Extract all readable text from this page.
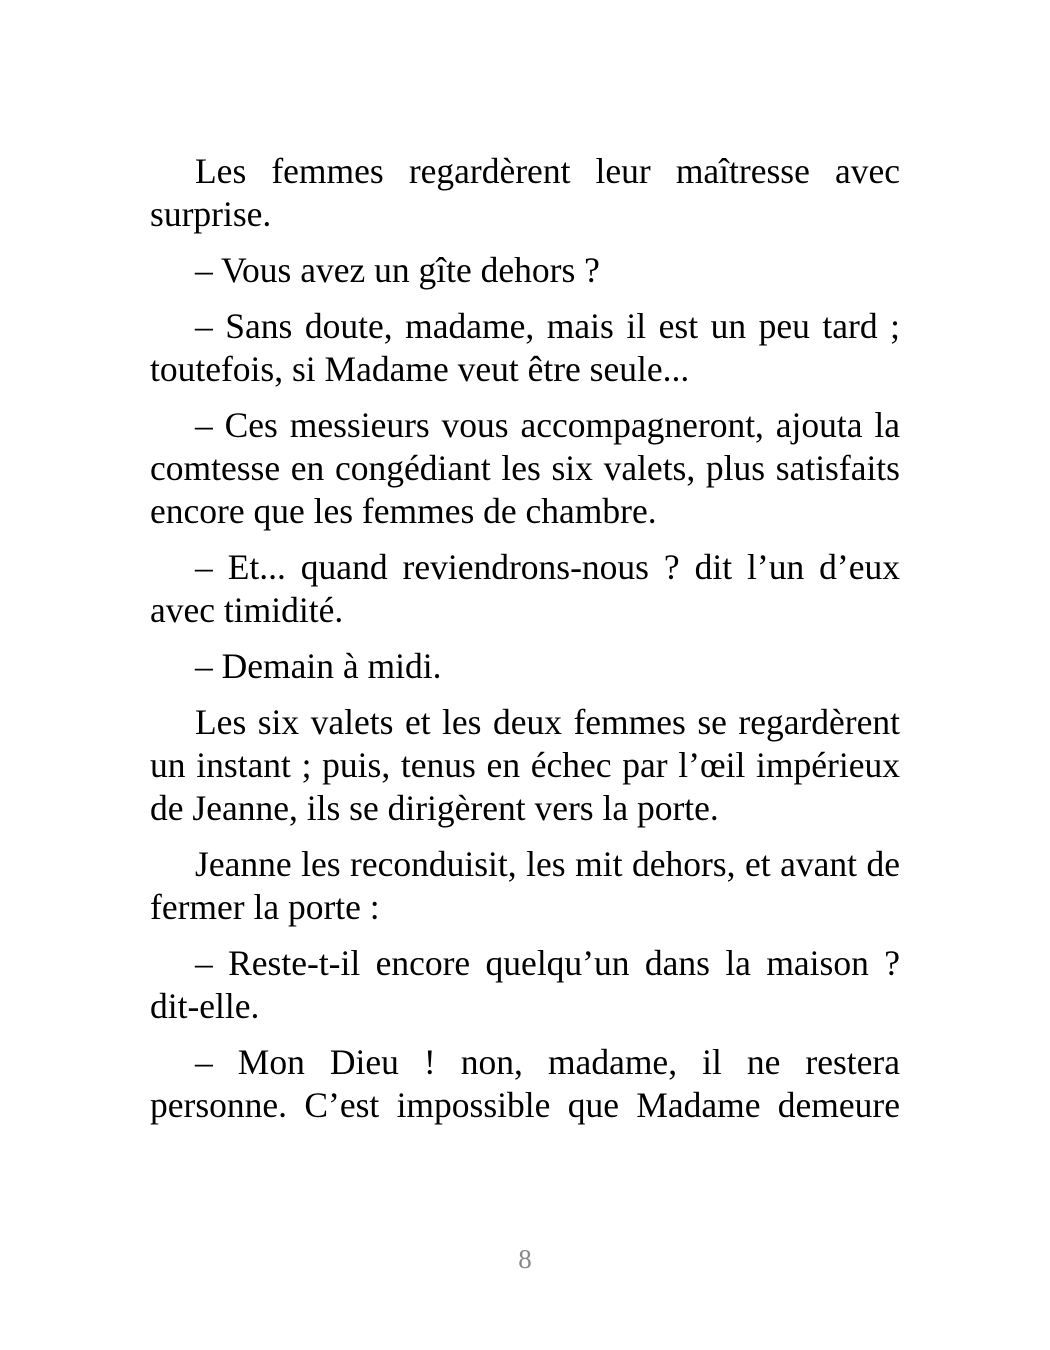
Les femmes regardèrent leur maîtresse avec surprise.

– Vous avez un gîte dehors ?

– Sans doute, madame, mais il est un peu tard ; toutefois, si Madame veut être seule...

– Ces messieurs vous accompagneront, ajouta la comtesse en congédiant les six valets, plus satisfaits encore que les femmes de chambre.

– Et... quand reviendrons-nous ? dit l’un d’eux avec timidité.

– Demain à midi.

Les six valets et les deux femmes se regardèrent un instant ; puis, tenus en échec par l’œil impérieux de Jeanne, ils se dirigèrent vers la porte.

Jeanne les reconduisit, les mit dehors, et avant de fermer la porte :

– Reste-t-il encore quelqu’un dans la maison ? dit-elle.

– Mon Dieu ! non, madame, il ne restera personne. C’est impossible que Madame demeure

8
